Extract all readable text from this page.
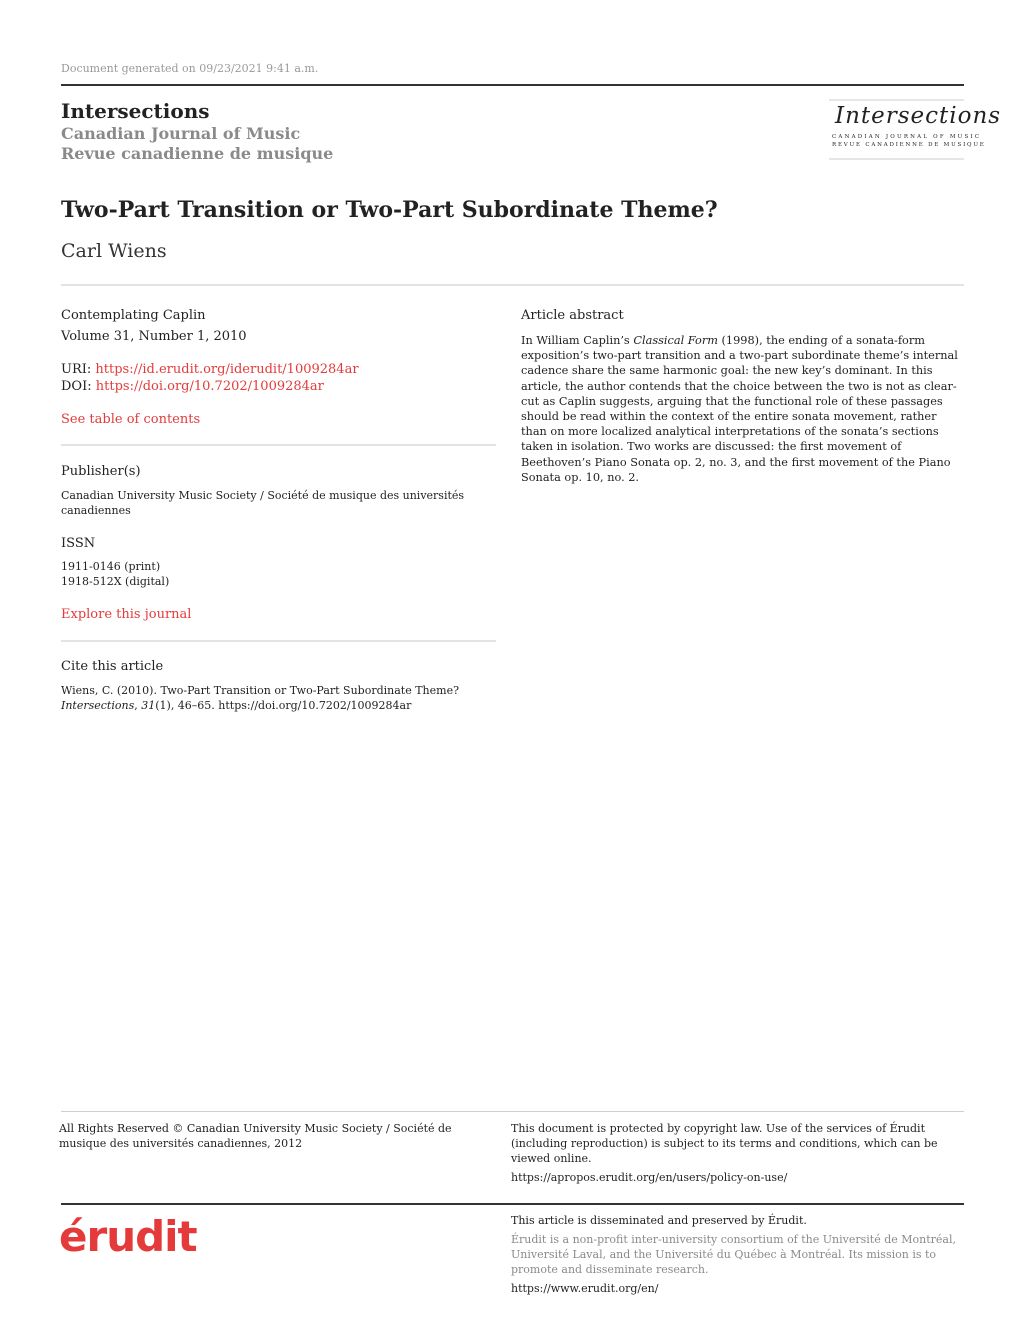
Document generated on 09/23/2021 9:41 a.m.
Intersections
Canadian Journal of Music
Revue canadienne de musique
Intersections
CANADIAN JOURNAL OF MUSIC
REVUE CANADIENNE DE MUSIQUE
Two-Part Transition or Two-Part Subordinate Theme?
Carl Wiens
Contemplating Caplin
Volume 31, Number 1, 2010
URI: https://id.erudit.org/iderudit/1009284ar
DOI: https://doi.org/10.7202/1009284ar
See table of contents
Publisher(s)
Canadian University Music Society / Société de musique des universités canadiennes
ISSN
1911-0146 (print)
1918-512X (digital)
Explore this journal
Cite this article
Wiens, C. (2010). Two-Part Transition or Two-Part Subordinate Theme?
Intersections, 31(1), 46–65. https://doi.org/10.7202/1009284ar
Article abstract
In William Caplin’s Classical Form (1998), the ending of a sonata-form exposition’s two-part transition and a two-part subordinate theme’s internal cadence share the same harmonic goal: the new key’s dominant. In this article, the author contends that the choice between the two is not as clear-cut as Caplin suggests, arguing that the functional role of these passages should be read within the context of the entire sonata movement, rather than on more localized analytical interpretations of the sonata’s sections taken in isolation. Two works are discussed: the first movement of Beethoven’s Piano Sonata op. 2, no. 3, and the first movement of the Piano Sonata op. 10, no. 2.
All Rights Reserved © Canadian University Music Society / Société de musique des universités canadiennes, 2012
This document is protected by copyright law. Use of the services of Érudit (including reproduction) is subject to its terms and conditions, which can be viewed online.
https://apropos.erudit.org/en/users/policy-on-use/
érudit	This article is disseminated and preserved by Érudit.
Érudit is a non-profit inter-university consortium of the Université de Montréal, Université Laval, and the Université du Québec à Montréal. Its mission is to promote and disseminate research.
https://www.erudit.org/en/
